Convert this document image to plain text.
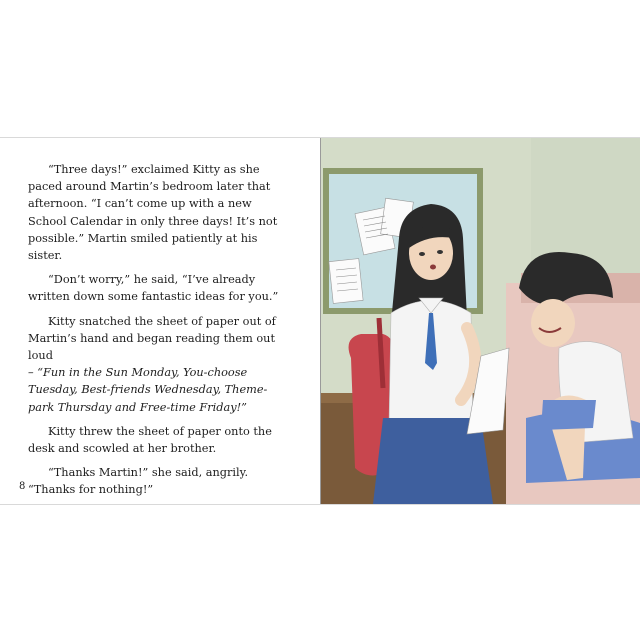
“Three days!” exclaimed Kitty as she paced around Martin’s bedroom later that afternoon. “I can’t come up with a new School Calendar in only three days! It’s not possible.” Martin smiled patiently at his sister.

“Don’t worry,” he said, “I’ve already written down some fantastic ideas for you.”

Kitty snatched the sheet of paper out of Martin’s hand and began reading them out loud

– “Fun in the Sun Monday, You-choose Tuesday, Best-friends Wednesday, Theme-park Thursday and Free-time Friday!”

Kitty threw the sheet of paper onto the desk and scowled at her brother.

“Thanks Martin!” she said, angrily. “Thanks for nothing!”

8
